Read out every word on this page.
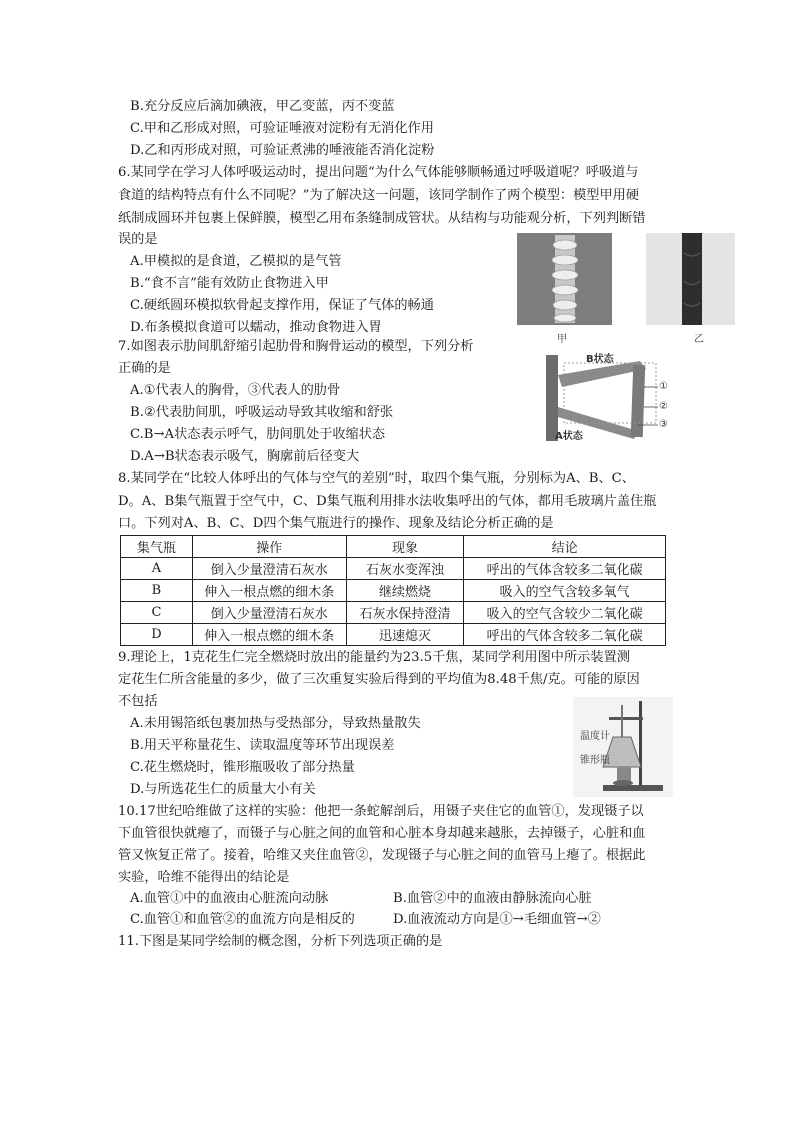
B.充分反应后滴加碘液，甲乙变蓝，丙不变蓝
C.甲和乙形成对照，可验证唾液对淀粉有无消化作用
D.乙和丙形成对照，可验证煮沸的唾液能否消化淀粉
6.某同学在学习人体呼吸运动时，提出问题“为什么气体能够顺畅通过呼吸道呢？呼吸道与
食道的结构特点有什么不同呢？”为了解决这一问题，该同学制作了两个模型：模型甲用硬
纸制成圆环并包裹上保鲜膜，模型乙用布条缝制成管状。从结构与功能观分析，下列判断错
误的是
A.甲模拟的是食道，乙模拟的是气管
B.“食不言”能有效防止食物进入甲
C.硬纸圆环模拟软骨起支撑作用，保证了气体的畅通
D.布条模拟食道可以蠕动，推动食物进入胃
甲	乙
7.如图表示肋间肌舒缩引起肋骨和胸骨运动的模型，下列分析
正确的是
A.①代表人的胸骨，③代表人的肋骨
B.②代表肋间肌，呼吸运动导致其收缩和舒张
C.B→A状态表示呼气，肋间肌处于收缩状态
D.A→B状态表示吸气，胸廓前后径变大
B状态
A状态
①
②
③
8.某同学在“比较人体呼出的气体与空气的差别”时，取四个集气瓶，分别标为A、B、C、
D。A、B集气瓶置于空气中，C、D集气瓶利用排水法收集呼出的气体，都用毛玻璃片盖住瓶
口。下列对A、B、C、D四个集气瓶进行的操作、现象及结论分析正确的是
集气瓶	操作	现象	结论
A	倒入少量澄清石灰水	石灰水变浑浊	呼出的气体含较多二氧化碳
B	伸入一根点燃的细木条	继续燃烧	吸入的空气含较多氧气
C	倒入少量澄清石灰水	石灰水保持澄清	吸入的空气含较少二氧化碳
D	伸入一根点燃的细木条	迅速熄灭	呼出的气体含较多二氧化碳
9.理论上，1克花生仁完全燃烧时放出的能量约为23.5千焦，某同学利用图中所示装置测
定花生仁所含能量的多少，做了三次重复实验后得到的平均值为8.48千焦/克。可能的原因
不包括
A.未用锡箔纸包裹加热与受热部分，导致热量散失
B.用天平称量花生、读取温度等环节出现误差
C.花生燃烧时，锥形瓶吸收了部分热量
D.与所选花生仁的质量大小有关
温度计
锥形瓶
10.17世纪哈维做了这样的实验：他把一条蛇解剖后，用镊子夹住它的血管①，发现镊子以
下血管很快就瘪了，而镊子与心脏之间的血管和心脏本身却越来越胀，去掉镊子，心脏和血
管又恢复正常了。接着，哈维又夹住血管②，发现镊子与心脏之间的血管马上瘪了。根据此
实验，哈维不能得出的结论是
A.血管①中的血液由心脏流向动脉	B.血管②中的血液由静脉流向心脏
C.血管①和血管②的血流方向是相反的	D.血液流动方向是①→毛细血管→②
11.下图是某同学绘制的概念图，分析下列选项正确的是
